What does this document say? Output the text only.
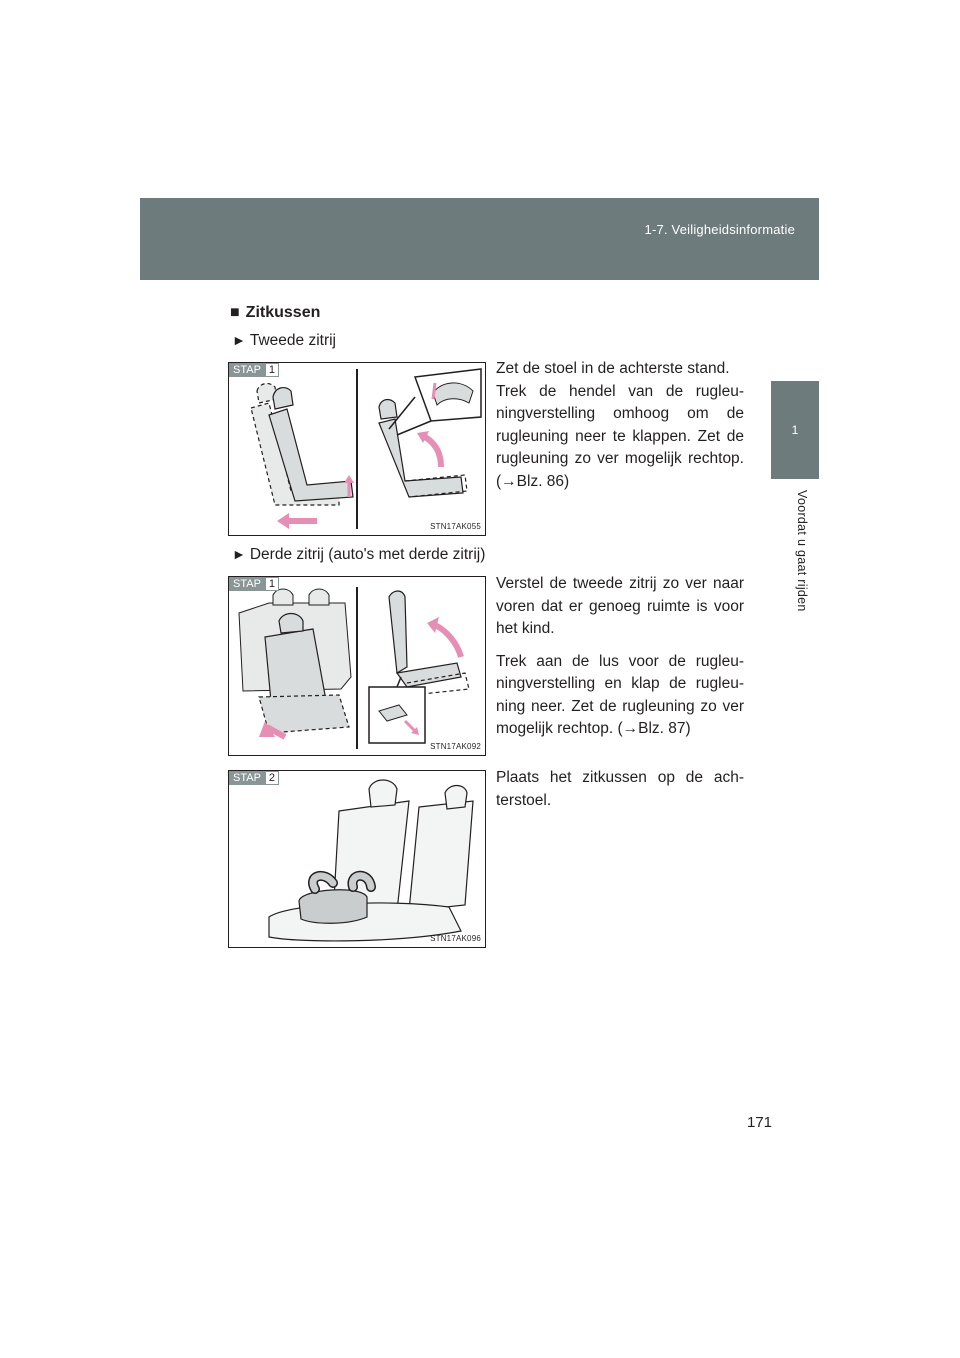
1-7. Veiligheidsinformatie
1
Voordat u gaat rijden
■ Zitkussen
► Tweede zitrij
STAP 1
STN17AK055

Zet de stoel in de achterste stand.

Trek de hendel van de rugleu-ningverstelling omhoog om de rugleuning neer te klappen. Zet de rugleuning zo ver mogelijk rechtop. (→Blz. 86)

► Derde zitrij (auto's met derde zitrij)
STAP 1
STN17AK092

Verstel de tweede zitrij zo ver naar voren dat er genoeg ruimte is voor het kind.

Trek aan de lus voor de rugleu-ningverstelling en klap de rugleu-ning neer. Zet de rugleuning zo ver mogelijk rechtop. (→Blz. 87)

STAP 2
STN17AK096

Plaats het zitkussen op de ach-terstoel.

171
